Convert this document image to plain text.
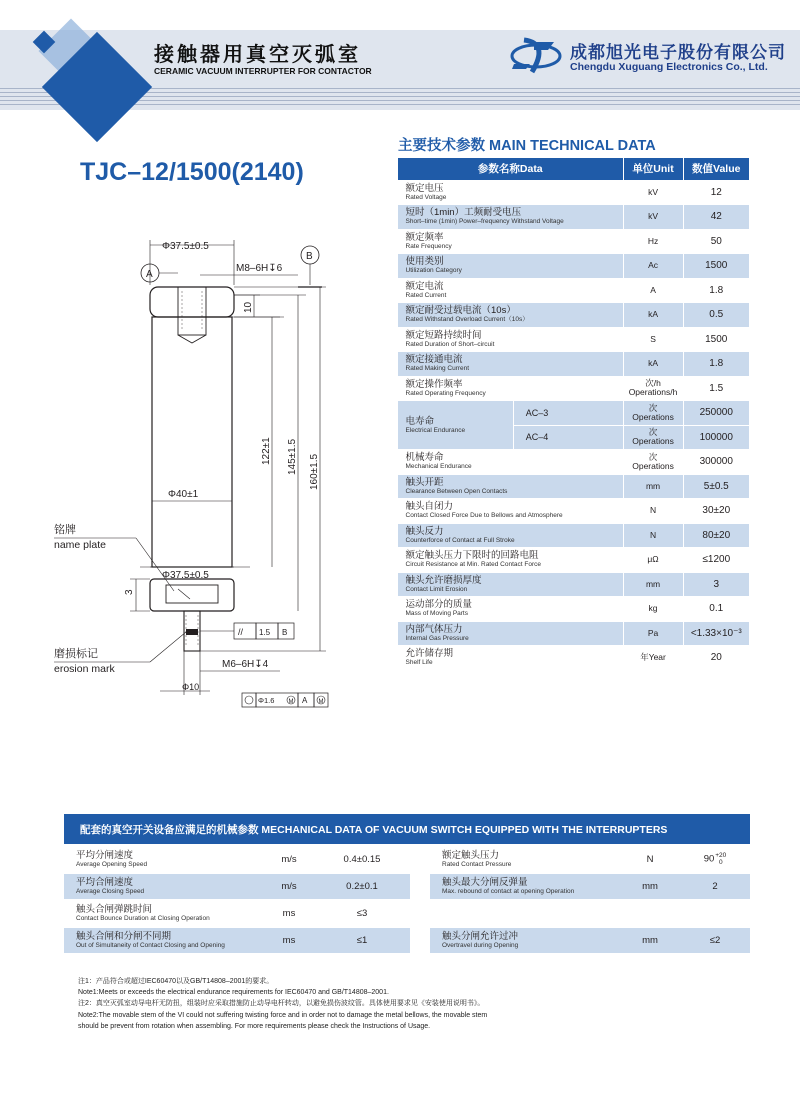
接触器用真空灭弧室
CERAMIC VACUUM INTERRUPTER FOR CONTACTOR
成都旭光电子股份有限公司
Chengdu Xuguang Electronics Co., Ltd.
TJC–12/1500(2140)
主要技术参数 MAIN TECHNICAL DATA
参数名称Data		单位Unit	数值Value

额定电压
Rated Voltage		kV	12

短时（1min）工频耐受电压
Short–time (1min) Power–frequency Withstand Voltage		kV	42

额定频率
Rate Frequency		Hz	50

使用类别
Utilization Category		Ac	1500

额定电流
Rated Current		A	1.8

额定耐受过载电流（10s）
Rated Withstand Overload Current（10s）		kA	0.5

额定短路持续时间
Rated Duration of Short–circuit		S	1500

额定接通电流
Rated Making Current		kA	1.8

额定操作频率
Rated Operating Frequency		次/h
Operations/h	1.5

电寿命
Electrical Endurance	AC–3	次
Operations	250000
	AC–4	次
Operations	100000

机械寿命
Mechanical Endurance		次
Operations	300000

触头开距
Clearance Between Open Contacts		mm	5±0.5

触头自闭力
Contact Closed Force Due to Bellows and Atmosphere		N	30±20

触头反力
Counterforce of Contact at Full Stroke		N	80±20

额定触头压力下限时的回路电阻
Circuit Resistance at Min. Rated Contact Force		μΩ	≤1200

触头允许磨损厚度
Contact Limit Erosion		mm	3

运动部分的质量
Mass of Moving Parts		kg	0.1

内部气体压力
Internal Gas Pressure		Pa	<1.33×10⁻³

允许储存期
Shelf Life		年Year	20
Φ37.5±0.5
A
B
M8–6H↧6
10
Φ40±1
Φ37.5±0.5
3
122±1 145±1.5 160±1.5
// 1.5 B
M6–6H↧4
Φ10
Φ1.6 M A M
铭牌
name plate
磨损标记
erosion mark
配套的真空开关设备应满足的机械参数 MECHANICAL DATA OF VACUUM SWITCH EQUIPPED WITH THE INTERRUPTERS
平均分闸速度
Average Opening Speed	m/s	0.4±0.15

平均合闸速度
Average Closing Speed	m/s	0.2±0.1

触头合闸弹跳时间
Contact Bounce Duration at Closing Operation	ms	≤3

触头合闸和分闸不同期
Out of Simultaneity of Contact Closing and Opening	ms	≤1
额定触头压力
Rated Contact Pressure	N	90 +20
0

触头最大分闸反弹量
Max. rebound of contact at opening Operation	mm	2

触头分闸允许过冲
Overtravel during Opening	mm	≤2
注1：产品符合或超过IEC60470以及GB/T14808–2001的要求。
Note1:Meets or exceeds the electrical endurance requirements for IEC60470 and GB/T14808–2001.
注2：真空灭弧室动导电杆无防扭，组装时应采取措施防止动导电杆转动，以避免损伤波纹管。具体使用要求见《安装使用说明书》。
Note2:The movable stem of the VI could not suffering twisting force and in order not to damage the metal bellows, the movable stem
should be prevent from rotation when assembling. For more requirements please check the Instructions of Usage.
